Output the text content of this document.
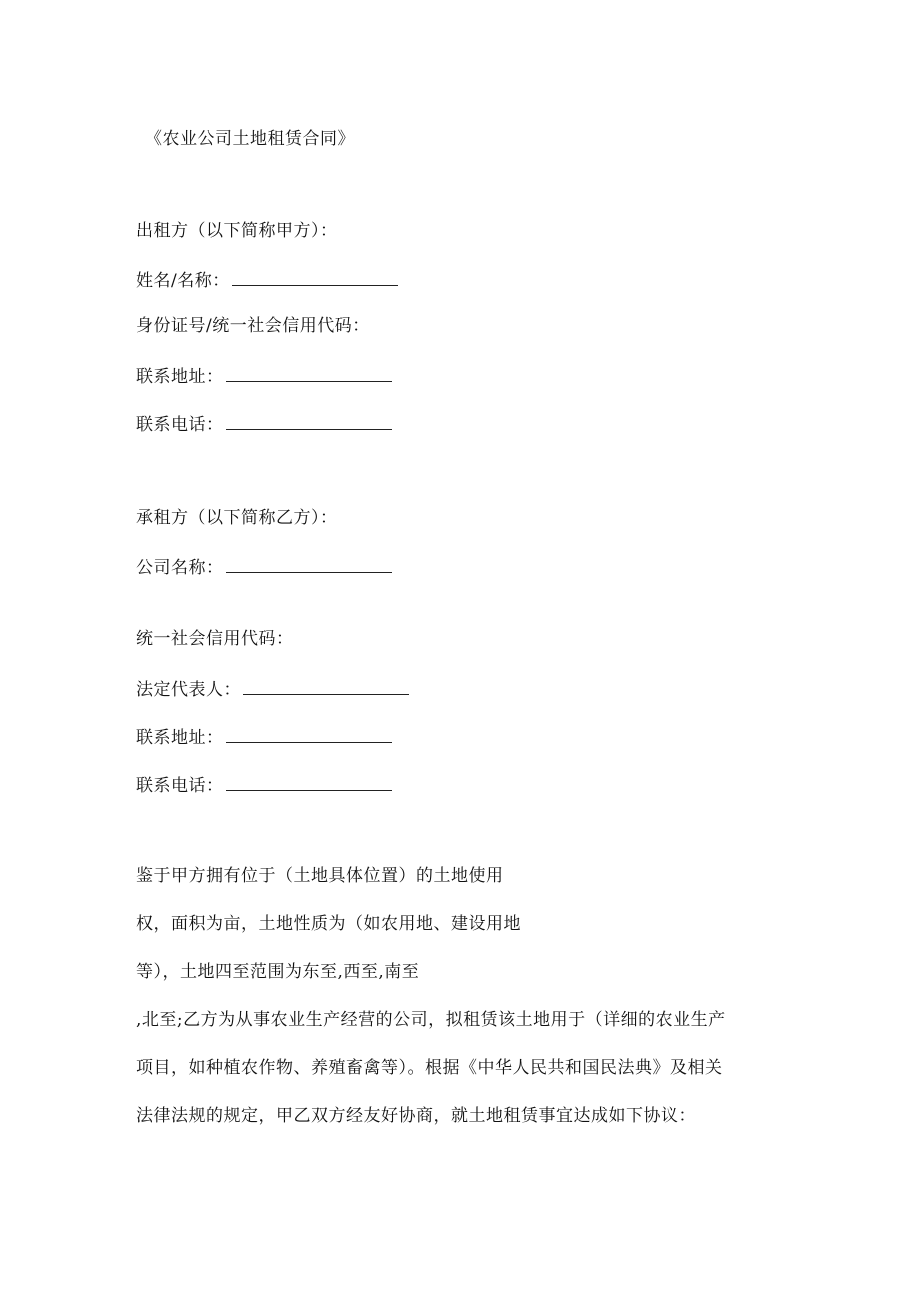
《农业公司土地租赁合同》
出租方（以下简称甲方）：
姓名/名称：
身份证号/统一社会信用代码：
联系地址：
联系电话：
承租方（以下简称乙方）：
公司名称：
统一社会信用代码：
法定代表人：
联系地址：
联系电话：
鉴于甲方拥有位于（土地具体位置）的土地使用
权，面积为亩，土地性质为（如农用地、建设用地
等），土地四至范围为东至,西至,南至
,北至;乙方为从事农业生产经营的公司，拟租赁该土地用于（详细的农业生产
项目，如种植农作物、养殖畜禽等）。根据《中华人民共和国民法典》及相关
法律法规的规定，甲乙双方经友好协商，就土地租赁事宜达成如下协议：
